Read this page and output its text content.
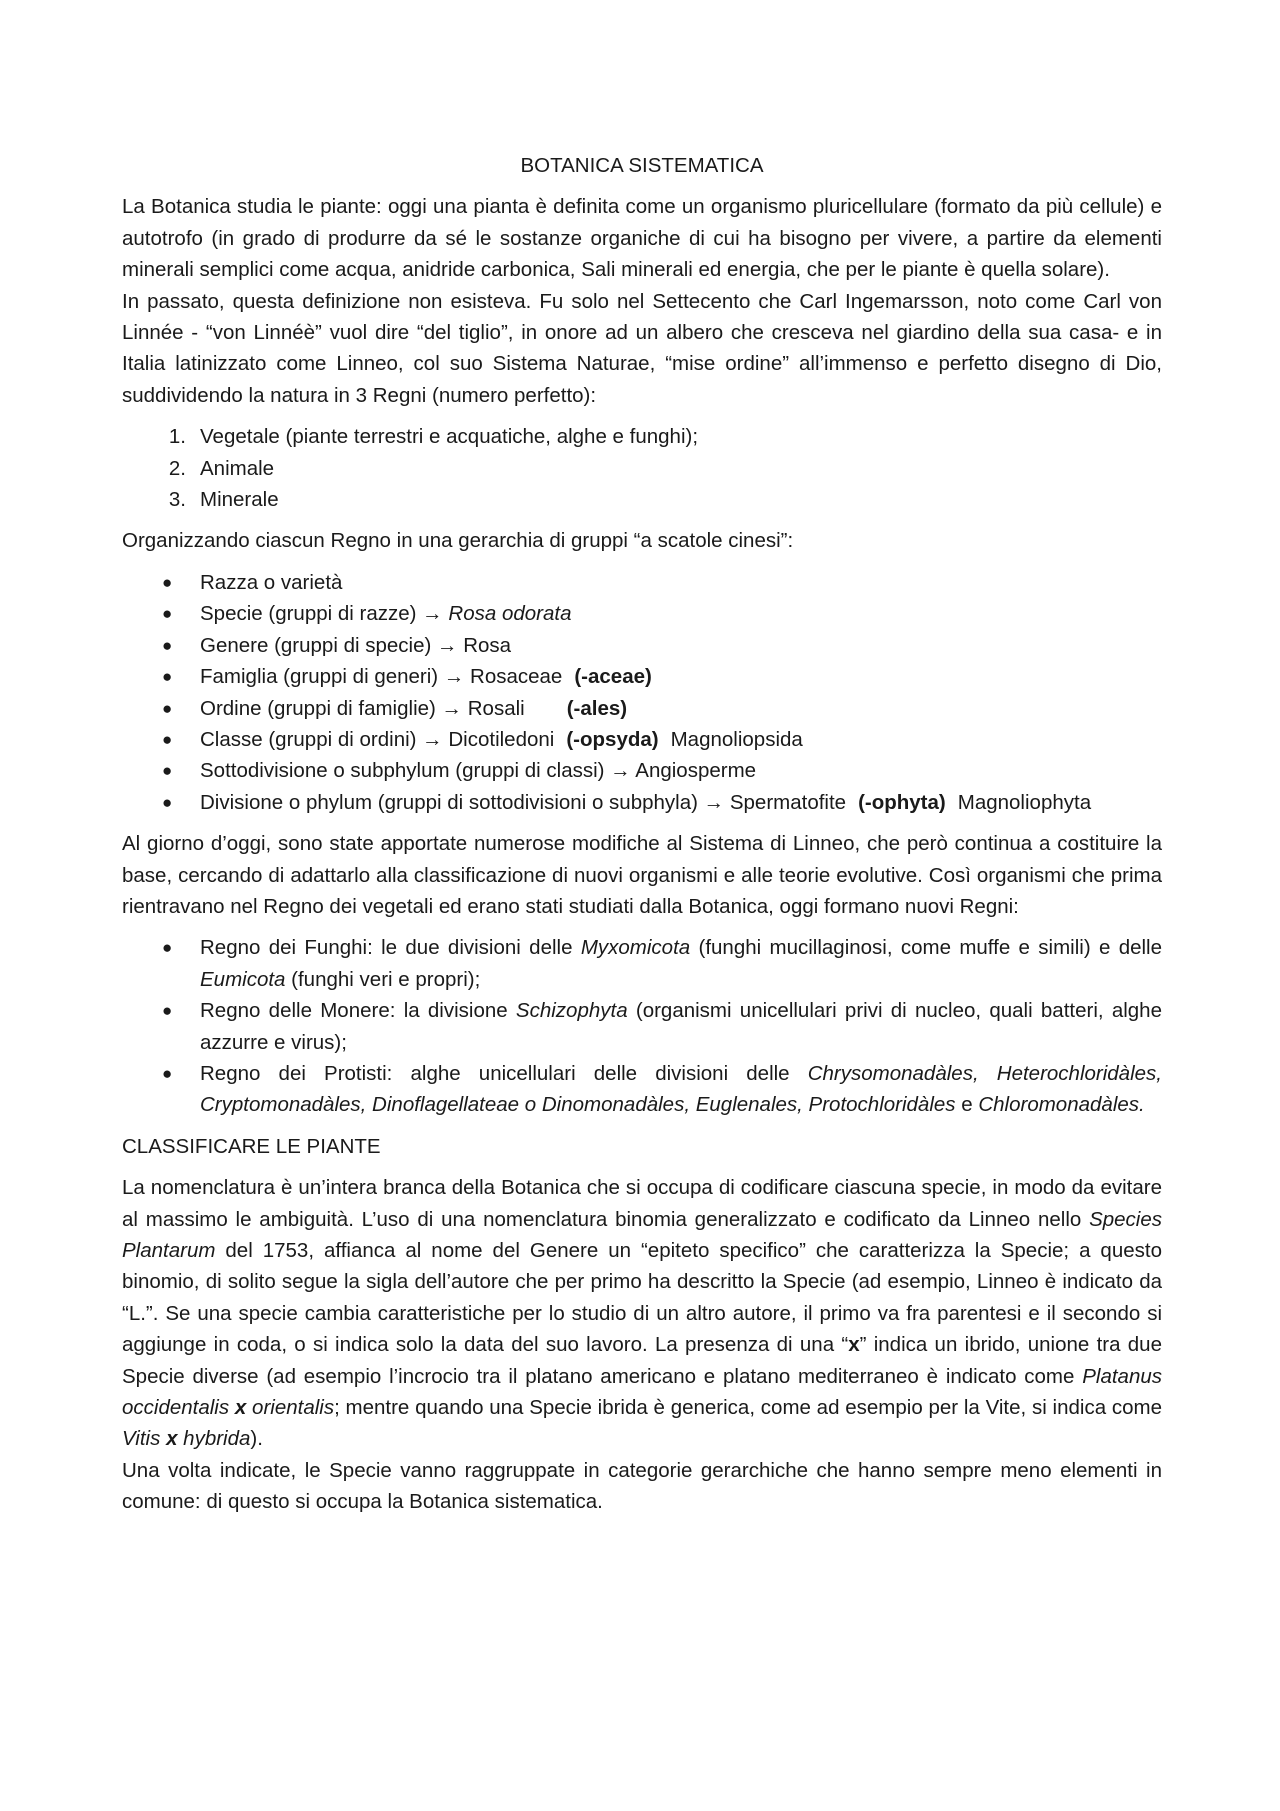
BOTANICA SISTEMATICA

La Botanica studia le piante: oggi una pianta è definita come un organismo pluricellulare (formato da più cellule) e autotrofo (in grado di produrre da sé le sostanze organiche di cui ha bisogno per vivere, a partire da elementi minerali semplici come acqua, anidride carbonica, Sali minerali ed energia, che per le piante è quella solare).

In passato, questa definizione non esisteva. Fu solo nel Settecento che Carl Ingemarsson, noto come Carl von Linnée - “von Linnéè” vuol dire “del tiglio”, in onore ad un albero che cresceva nel giardino della sua casa- e in Italia latinizzato come Linneo, col suo Sistema Naturae, “mise ordine” all’immenso e perfetto disegno di Dio, suddividendo la natura in 3 Regni (numero perfetto):

1. Vegetale (piante terrestri e acquatiche, alghe e funghi);
2. Animale
3. Minerale

Organizzando ciascun Regno in una gerarchia di gruppi “a scatole cinesi”:

● Razza o varietà
● Specie (gruppi di razze) → Rosa odorata
● Genere (gruppi di specie) → Rosa
● Famiglia (gruppi di generi) → Rosaceae (-aceae)
● Ordine (gruppi di famiglie) → Rosali (-ales)
● Classe (gruppi di ordini) → Dicotiledoni (-opsyda) Magnoliopsida
● Sottodivisione o subphylum (gruppi di classi) → Angiosperme
● Divisione o phylum (gruppi di sottodivisioni o subphyla) → Spermatofite (-ophyta) Magnoliophyta

Al giorno d’oggi, sono state apportate numerose modifiche al Sistema di Linneo, che però continua a costituire la base, cercando di adattarlo alla classificazione di nuovi organismi e alle teorie evolutive. Così organismi che prima rientravano nel Regno dei vegetali ed erano stati studiati dalla Botanica, oggi formano nuovi Regni:

● Regno dei Funghi: le due divisioni delle Myxomicota (funghi mucillaginosi, come muffe e simili) e delle Eumicota (funghi veri e propri);
● Regno delle Monere: la divisione Schizophyta (organismi unicellulari privi di nucleo, quali batteri, alghe azzurre e virus);
● Regno dei Protisti: alghe unicellulari delle divisioni delle Chrysomonadàles, Heterochloridàles, Cryptomonadàles, Dinoflagellateae o Dinomonadàles, Euglenales, Protochloridàles e Chloromonadàles.

CLASSIFICARE LE PIANTE

La nomenclatura è un’intera branca della Botanica che si occupa di codificare ciascuna specie, in modo da evitare al massimo le ambiguità. L’uso di una nomenclatura binomia generalizzato e codificato da Linneo nello Species Plantarum del 1753, affianca al nome del Genere un “epiteto specifico” che caratterizza la Specie; a questo binomio, di solito segue la sigla dell’autore che per primo ha descritto la Specie (ad esempio, Linneo è indicato da “L.”. Se una specie cambia caratteristiche per lo studio di un altro autore, il primo va fra parentesi e il secondo si aggiunge in coda, o si indica solo la data del suo lavoro. La presenza di una “x” indica un ibrido, unione tra due Specie diverse (ad esempio l’incrocio tra il platano americano e platano mediterraneo è indicato come Platanus occidentalis x orientalis; mentre quando una Specie ibrida è generica, come ad esempio per la Vite, si indica come Vitis x hybrida).

Una volta indicate, le Specie vanno raggruppate in categorie gerarchiche che hanno sempre meno elementi in comune: di questo si occupa la Botanica sistematica.
